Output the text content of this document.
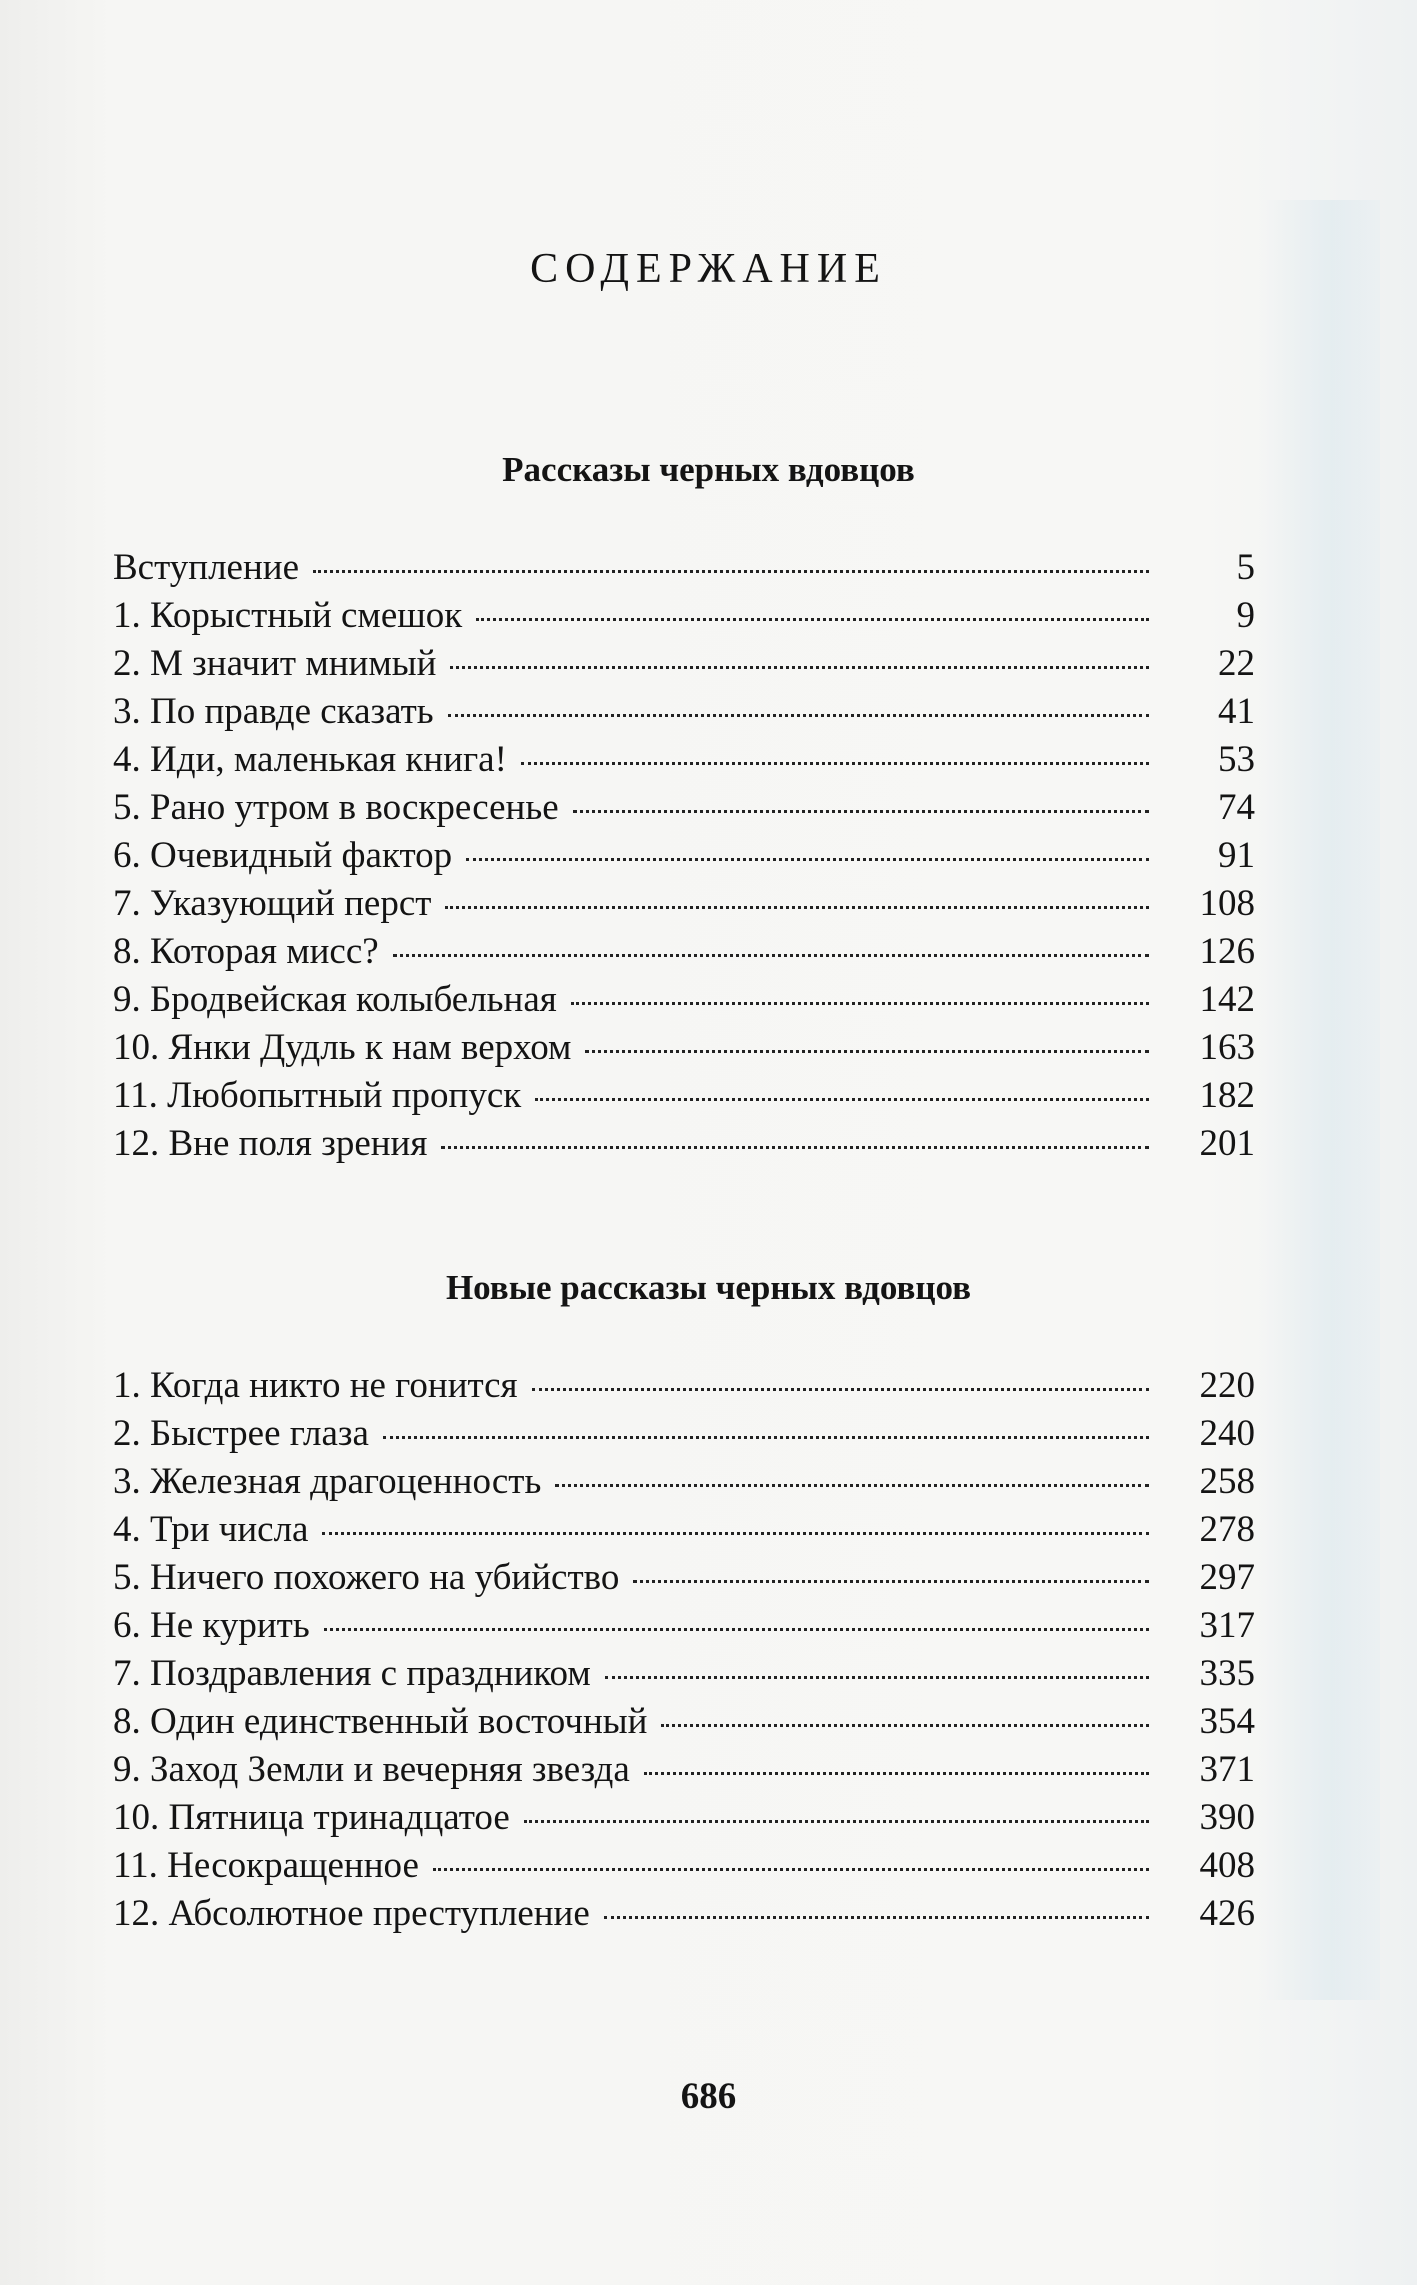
СОДЕРЖАНИЕ
Рассказы черных вдовцов
Вступление	5
1. Корыстный смешок	9
2. М значит мнимый	22
3. По правде сказать	41
4. Иди, маленькая книга!	53
5. Рано утром в воскресенье	74
6. Очевидный фактор	91
7. Указующий перст	108
8. Которая мисс?	126
9. Бродвейская колыбельная	142
10. Янки Дудль к нам верхом	163
11. Любопытный пропуск	182
12. Вне поля зрения	201
Новые рассказы черных вдовцов
1. Когда никто не гонится	220
2. Быстрее глаза	240
3. Железная драгоценность	258
4. Три числа	278
5. Ничего похожего на убийство	297
6. Не курить	317
7. Поздравления с праздником	335
8. Один единственный восточный	354
9. Заход Земли и вечерняя звезда	371
10. Пятница тринадцатое	390
11. Несокращенное	408
12. Абсолютное преступление	426
686
